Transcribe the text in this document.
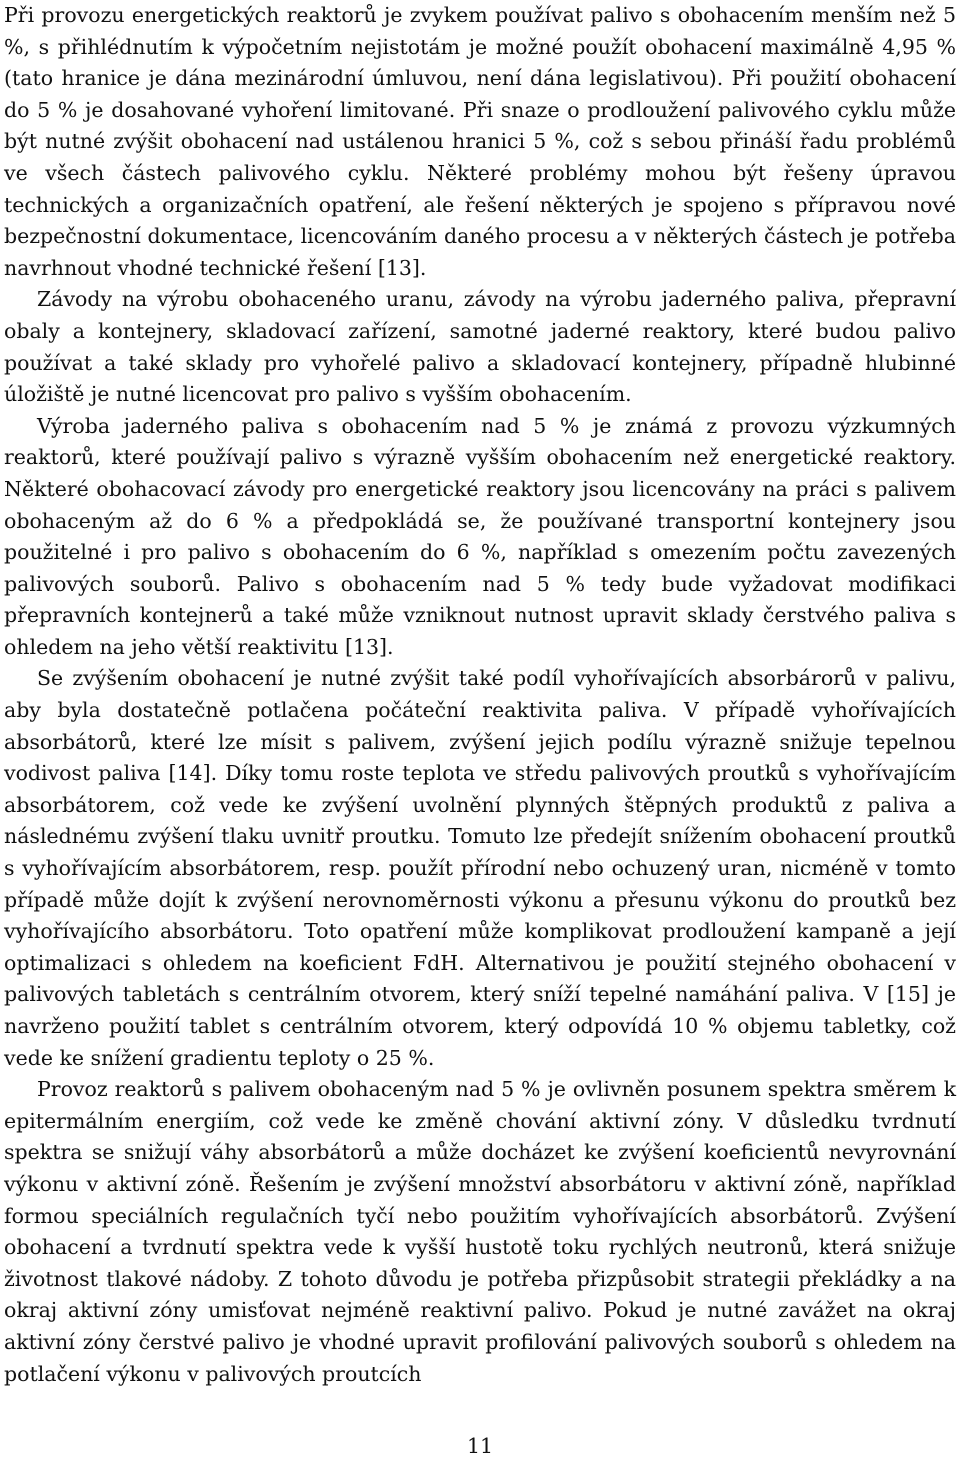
Při provozu energetických reaktorů je zvykem používat palivo s obohacením menším než 5 %, s přihlédnutím k výpočetním nejistotám je možné použít obohacení maximálně 4,95 % (tato hranice je dána mezinárodní úmluvou, není dána legislativou). Při použití obohacení do 5 % je dosahované vyhoření limitované. Při snaze o prodloužení palivového cyklu může být nutné zvýšit obohacení nad ustálenou hranici 5 %, což s sebou přináší řadu problémů ve všech částech palivového cyklu. Některé problémy mohou být řešeny úpravou technických a organizačních opatření, ale řešení některých je spojeno s přípravou nové bezpečnostní dokumentace, licencováním daného procesu a v některých částech je potřeba navrhnout vhodné technické řešení [13].

Závody na výrobu obohaceného uranu, závody na výrobu jaderného paliva, přepravní obaly a kontejnery, skladovací zařízení, samotné jaderné reaktory, které budou palivo používat a také sklady pro vyhořelé palivo a skladovací kontejnery, případně hlubinné úložiště je nutné licencovat pro palivo s vyšším obohacením.

Výroba jaderného paliva s obohacením nad 5 % je známá z provozu výzkumných reaktorů, které používají palivo s výrazně vyšším obohacením než energetické reaktory. Některé obohacovací závody pro energetické reaktory jsou licencovány na práci s palivem obohaceným až do 6 % a předpokládá se, že používané transportní kontejnery jsou použitelné i pro palivo s obohacením do 6 %, například s omezením počtu zavezených palivových souborů. Palivo s obohacením nad 5 % tedy bude vyžadovat modifikaci přepravních kontejnerů a také může vzniknout nutnost upravit sklady čerstvého paliva s ohledem na jeho větší reaktivitu [13].

Se zvýšením obohacení je nutné zvýšit také podíl vyhořívajících absorbárorů v palivu, aby byla dostatečně potlačena počáteční reaktivita paliva. V případě vyhořívajících absorbátorů, které lze mísit s palivem, zvýšení jejich podílu výrazně snižuje tepelnou vodivost paliva [14]. Díky tomu roste teplota ve středu palivových proutků s vyhořívajícím absorbátorem, což vede ke zvýšení uvolnění plynných štěpných produktů z paliva a následnému zvýšení tlaku uvnitř proutku. Tomuto lze předejít snížením obohacení proutků s vyhořívajícím absorbátorem, resp. použít přírodní nebo ochuzený uran, nicméně v tomto případě může dojít k zvýšení nerovnoměrnosti výkonu a přesunu výkonu do proutků bez vyhořívajícího absorbátoru. Toto opatření může komplikovat prodloužení kampaně a její optimalizaci s ohledem na koeficient FdH. Alternativou je použití stejného obohacení v palivových tabletách s centrálním otvorem, který sníží tepelné namáhání paliva. V [15] je navrženo použití tablet s centrálním otvorem, který odpovídá 10 % objemu tabletky, což vede ke snížení gradientu teploty o 25 %.

Provoz reaktorů s palivem obohaceným nad 5 % je ovlivněn posunem spektra směrem k epitermálním energiím, což vede ke změně chování aktivní zóny. V důsledku tvrdnutí spektra se snižují váhy absorbátorů a může docházet ke zvýšení koeficientů nevyrovnání výkonu v aktivní zóně. Řešením je zvýšení množství absorbátoru v aktivní zóně, například formou speciálních regulačních tyčí nebo použitím vyhořívajících absorbátorů. Zvýšení obohacení a tvrdnutí spektra vede k vyšší hustotě toku rychlých neutronů, která snižuje životnost tlakové nádoby. Z tohoto důvodu je potřeba přizpůsobit strategii překládky a na okraj aktivní zóny umisťovat nejméně reaktivní palivo. Pokud je nutné zavážet na okraj aktivní zóny čerstvé palivo je vhodné upravit profilování palivových souborů s ohledem na potlačení výkonu v palivových proutcích

11
